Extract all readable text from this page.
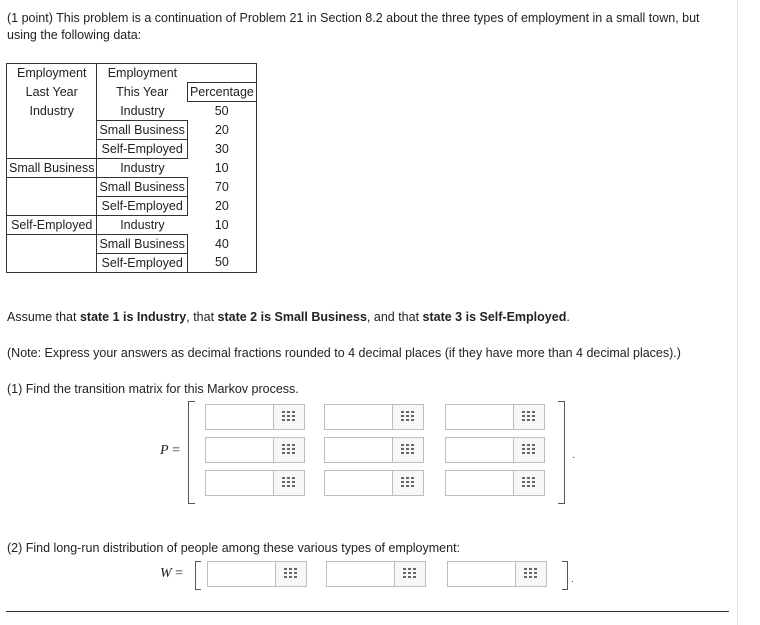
(1 point) This problem is a continuation of Problem 21 in Section 8.2 about the three types of employment in a small town, but using the following data:
Employment	Employment	
Last Year	This Year	Percentage
Industry	Industry	50
	Small Business	20
	Self-Employed	30
Small Business	Industry	10
	Small Business	70
	Self-Employed	20
Self-Employed	Industry	10
	Small Business	40
	Self-Employed	50
Assume that state 1 is Industry, that state 2 is Small Business, and that state 3 is Self-Employed.
(Note: Express your answers as decimal fractions rounded to 4 decimal places (if they have more than 4 decimal places).)
(1) Find the transition matrix for this Markov process.
P =	.
(2) Find long-run distribution of people among these various types of employment:
W =	.
